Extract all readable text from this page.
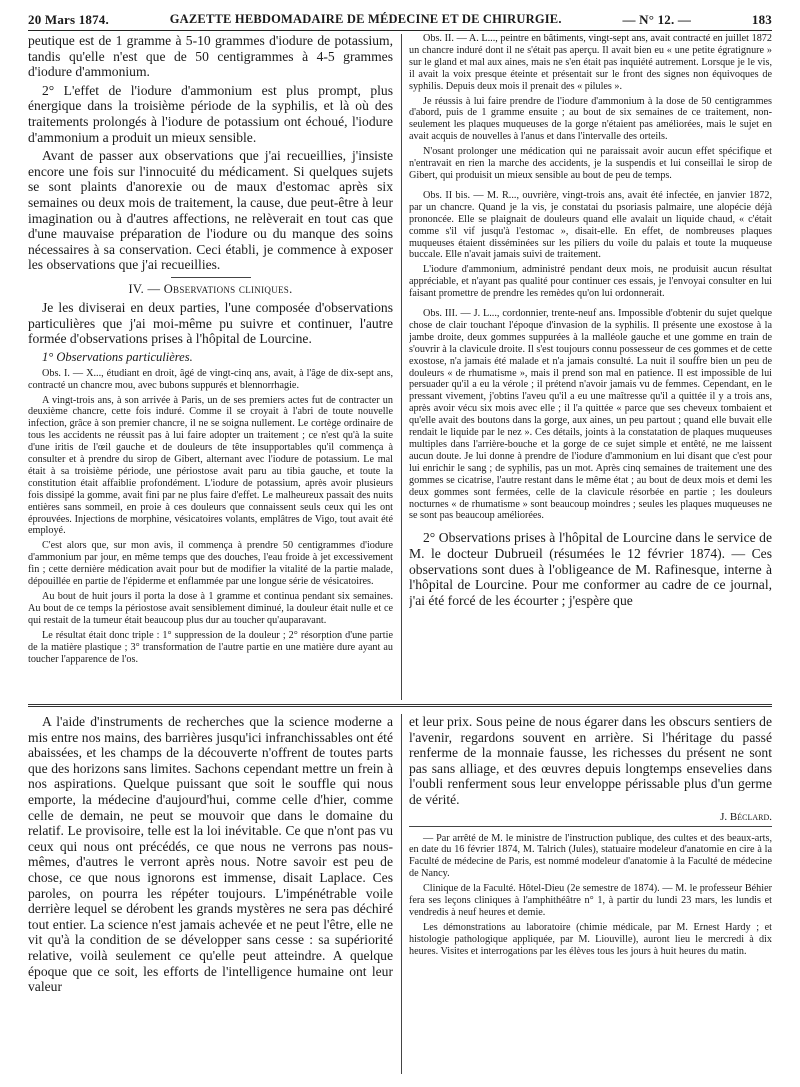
20 Mars 1874.	GAZETTE HEBDOMADAIRE DE MÉDECINE ET DE CHIRURGIE.	— N° 12. —	183

peutique est de 1 gramme à 5-10 grammes d'iodure de potassium, tandis qu'elle n'est que de 50 centigrammes à 4-5 grammes d'iodure d'ammonium.

2° L'effet de l'iodure d'ammonium est plus prompt, plus énergique dans la troisième période de la syphilis, et là où des traitements prolongés à l'iodure de potassium ont échoué, l'iodure d'ammonium a produit un mieux sensible.

Avant de passer aux observations que j'ai recueillies, j'insiste encore une fois sur l'innocuité du médicament. Si quelques sujets se sont plaints d'anorexie ou de maux d'estomac après six semaines ou deux mois de traitement, la cause, due peut-être à leur imagination ou à d'autres affections, ne relèverait en tout cas que d'une mauvaise préparation de l'iodure ou du manque des soins nécessaires à sa conservation. Ceci établi, je commence à exposer les observations que j'ai recueillies.

IV. — Observations cliniques.

Je les diviserai en deux parties, l'une composée d'observations particulières que j'ai moi-même pu suivre et continuer, l'autre formée d'observations prises à l'hôpital de Lourcine.

1° Observations particulières.

Obs. I. — X..., étudiant en droit, âgé de vingt-cinq ans, avait, à l'âge de dix-sept ans, contracté un chancre mou, avec bubons suppurés et blennorrhagie.

A vingt-trois ans, à son arrivée à Paris, un de ses premiers actes fut de contracter un deuxième chancre, cette fois induré. Comme il se croyait à l'abri de toute nouvelle infection, grâce à son premier chancre, il ne se soigna nullement. Le cortège ordinaire de tous les accidents ne réussit pas à lui faire adopter un traitement ; ce n'est qu'à la suite d'une iritis de l'œil gauche et de douleurs de tête insupportables qu'il commença à consulter et à prendre du sirop de Gibert, alternant avec l'iodure de potassium. Le mal était à sa troisième période, une périostose avait paru au tibia gauche, et toute la constitution était affaiblie profondément. L'iodure de potassium, après avoir plusieurs fois dissipé la gomme, avait fini par ne plus faire d'effet. Le malheureux passait des nuits entières sans sommeil, en proie à ces douleurs que connaissent seuls ceux qui les ont éprouvées. Injections de morphine, vésicatoires volants, emplâtres de Vigo, tout avait été employé.

C'est alors que, sur mon avis, il commença à prendre 50 centigrammes d'iodure d'ammonium par jour, en même temps que des douches, l'eau froide à jet excessivement fin ; cette dernière médication avait pour but de modifier la vitalité de la partie malade, dépouillée en partie de l'épiderme et enflammée par une longue série de vésicatoires.

Au bout de huit jours il porta la dose à 1 gramme et continua pendant six semaines. Au bout de ce temps la périostose avait sensiblement diminué, la douleur était nulle et ce qui restait de la tumeur était beaucoup plus dur au toucher qu'auparavant.

Le résultat était donc triple : 1° suppression de la douleur ; 2° résorption d'une partie de la matière plastique ; 3° transformation de l'autre partie en une matière dure ayant au toucher l'apparence de l'os.

Obs. II. — A. L..., peintre en bâtiments, vingt-sept ans, avait contracté en juillet 1872 un chancre induré dont il ne s'était pas aperçu. Il avait bien eu « une petite égratignure » sur le gland et mal aux aines, mais ne s'en était pas inquiété autrement. Lorsque je le vis, il avait la voix presque éteinte et présentait sur le front des signes non équivoques de syphilis. Depuis deux mois il prenait des « pilules ».

Je réussis à lui faire prendre de l'iodure d'ammonium à la dose de 50 centigrammes d'abord, puis de 1 gramme ensuite ; au bout de six semaines de ce traitement, non-seulement les plaques muqueuses de la gorge n'étaient pas améliorées, mais le sujet en avait acquis de nouvelles à l'anus et dans l'intervalle des orteils.

N'osant prolonger une médication qui ne paraissait avoir aucun effet spécifique et n'entravait en rien la marche des accidents, je la suspendis et lui conseillai le sirop de Gibert, qui produisit un mieux sensible au bout de peu de temps.

Obs. II bis. — M. R..., ouvrière, vingt-trois ans, avait été infectée, en janvier 1872, par un chancre. Quand je la vis, je constatai du psoriasis palmaire, une alopécie déjà prononcée. Elle se plaignait de douleurs quand elle avalait un liquide chaud, « c'était comme s'il vif jusqu'à l'estomac », disait-elle. En effet, de nombreuses plaques muqueuses étaient disséminées sur les piliers du voile du palais et toute la muqueuse buccale. Elle n'avait jamais suivi de traitement.

L'iodure d'ammonium, administré pendant deux mois, ne produisit aucun résultat appréciable, et n'ayant pas qualité pour continuer ces essais, je l'envoyai consulter en lui faisant promettre de prendre les remèdes qu'on lui ordonnerait.

Obs. III. — J. L..., cordonnier, trente-neuf ans. Impossible d'obtenir du sujet quelque chose de clair touchant l'époque d'invasion de la syphilis. Il présente une exostose à la jambe droite, deux gommes suppurées à la malléole gauche et une gomme en train de s'ouvrir à la clavicule droite. Il s'est toujours connu possesseur de ces gommes et de cette exostose, n'a jamais été malade et n'a jamais consulté. La nuit il souffre bien un peu de douleurs « de rhumatisme », mais il prend son mal en patience. Il est impossible de lui persuader qu'il a eu la vérole ; il prétend n'avoir jamais vu de femmes. Cependant, en le pressant vivement, j'obtins l'aveu qu'il a eu une maîtresse qu'il a quittée il y a trois ans, après avoir vécu six mois avec elle ; il l'a quittée « parce que ses cheveux tombaient et qu'elle avait des boutons dans la gorge, aux aines, un peu partout ; quand elle buvait elle rendait le liquide par le nez ». Ces détails, joints à la constatation de plaques muqueuses multiples dans l'arrière-bouche et la gorge de ce sujet simple et entêté, ne me laissent aucun doute. Je lui donne à prendre de l'iodure d'ammonium en lui disant que c'est pour lui enrichir le sang ; de syphilis, pas un mot. Après cinq semaines de traitement une des gommes se cicatrise, l'autre restant dans le même état ; au bout de deux mois et demi les deux gommes sont fermées, celle de la clavicule résorbée en partie ; les douleurs nocturnes « de rhumatisme » sont beaucoup moindres ; seules les plaques muqueuses ne se sont pas beaucoup améliorées.

2° Observations prises à l'hôpital de Lourcine dans le service de M. le docteur Dubrueil (résumées le 12 février 1874). — Ces observations sont dues à l'obligeance de M. Rafinesque, interne à l'hôpital de Lourcine. Pour me conformer au cadre de ce journal, j'ai été forcé de les écourter ; j'espère que

A l'aide d'instruments de recherches que la science moderne a mis entre nos mains, des barrières jusqu'ici infranchissables ont été abaissées, et les champs de la découverte n'offrent de toutes parts que des horizons sans limites. Sachons cependant mettre un frein à nos aspirations. Quelque puissant que soit le souffle qui nous emporte, la médecine d'aujourd'hui, comme celle d'hier, comme celle de demain, ne peut se mouvoir que dans le domaine du relatif. Le provisoire, telle est la loi inévitable. Ce que n'ont pas vu ceux qui nous ont précédés, ce que nous ne verrons pas nous-mêmes, d'autres le verront après nous. Notre savoir est peu de chose, ce que nous ignorons est immense, disait Laplace. Ces paroles, on pourra les répéter toujours. L'impénétrable voile derrière lequel se dérobent les grands mystères ne sera pas déchiré tout entier. La science n'est jamais achevée et ne peut l'être, elle ne vit qu'à la condition de se développer sans cesse : sa supériorité relative, voilà seulement ce qu'elle peut atteindre. A quelque époque que ce soit, les efforts de l'intelligence humaine ont leur valeur

et leur prix. Sous peine de nous égarer dans les obscurs sentiers de l'avenir, regardons souvent en arrière. Si l'héritage du passé renferme de la monnaie fausse, les richesses du présent ne sont pas sans alliage, et des œuvres depuis longtemps ensevelies dans l'oubli renferment sous leur enveloppe périssable plus d'un germe de vérité.

J. Béclard.

— Par arrêté de M. le ministre de l'instruction publique, des cultes et des beaux-arts, en date du 16 février 1874, M. Talrich (Jules), statuaire modeleur d'anatomie en cire à la Faculté de médecine de Paris, est nommé modeleur d'anatomie à la Faculté de médecine de Nancy.

Clinique de la Faculté. Hôtel-Dieu (2e semestre de 1874). — M. le professeur Béhier fera ses leçons cliniques à l'amphithéâtre n° 1, à partir du lundi 23 mars, les lundis et vendredis à neuf heures et demie.

Les démonstrations au laboratoire (chimie médicale, par M. Ernest Hardy ; et histologie pathologique appliquée, par M. Liouville), auront lieu le mercredi à dix heures. Visites et interrogations par les élèves tous les jours à huit heures du matin.
